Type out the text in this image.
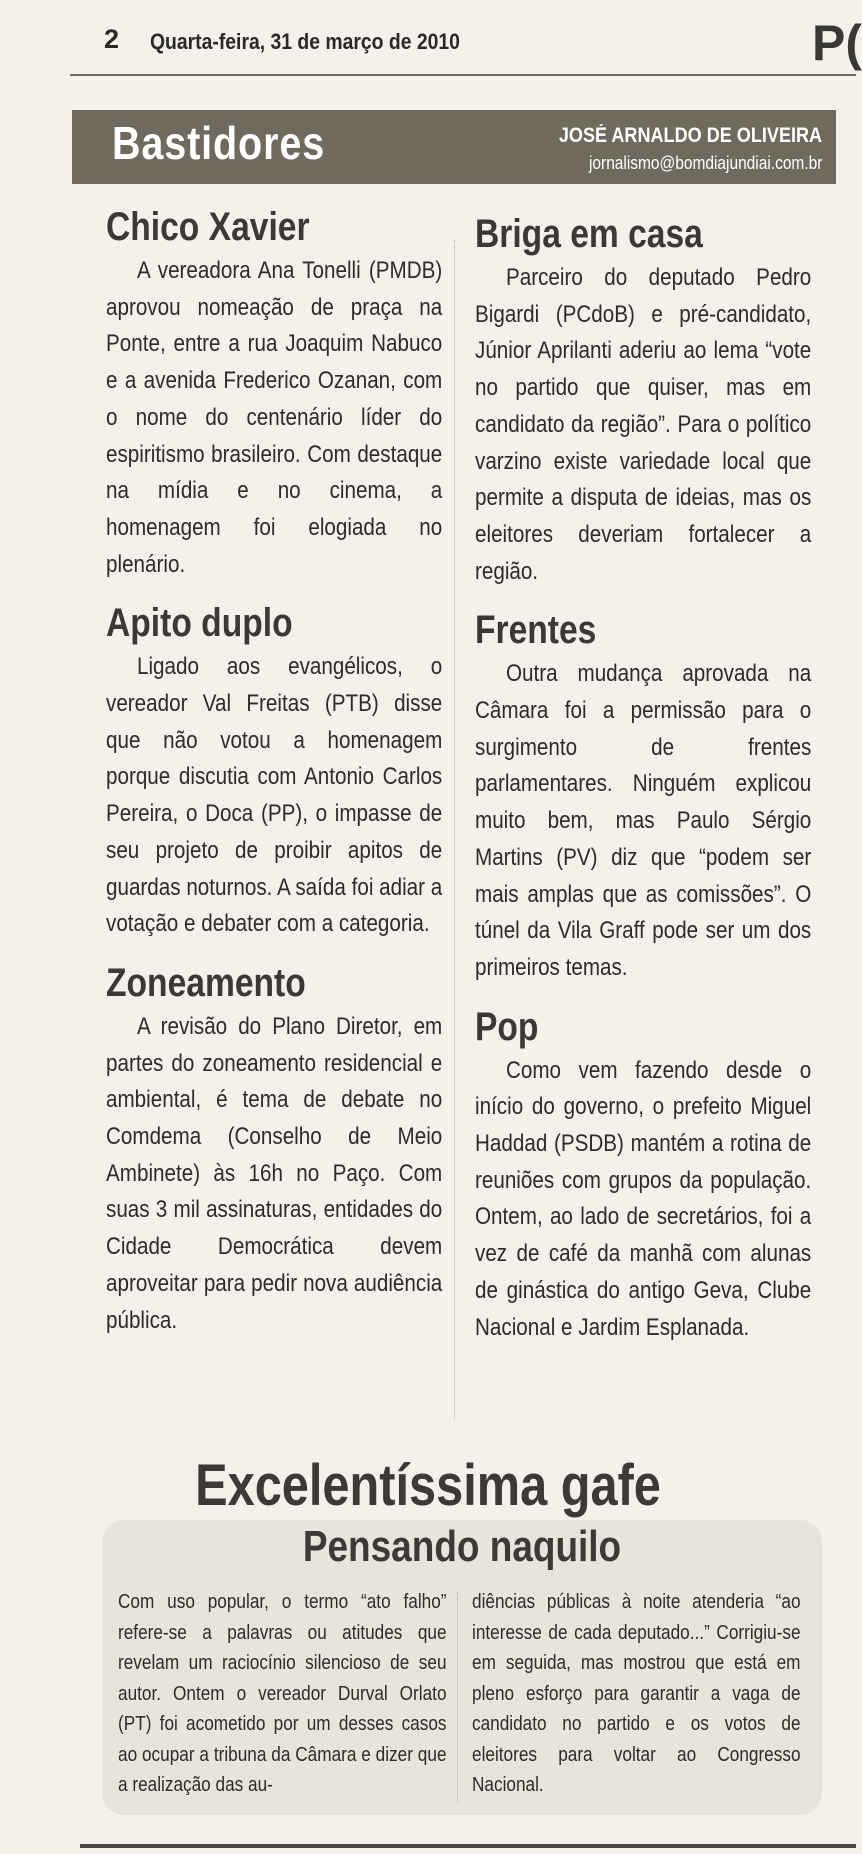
2 Quarta-feira, 31 de março de 2010	P(
Bastidores	JOSÉ ARNALDO DE OLIVEIRA
jornalismo@bomdiajundiai.com.br
Chico Xavier

A vereadora Ana Tonelli (PMDB) aprovou nomeação de praça na Ponte, entre a rua Joaquim Nabuco e a avenida Frederico Ozanan, com o nome do centenário líder do espiritismo brasileiro. Com destaque na mídia e no cinema, a homenagem foi elogiada no plenário.

Apito duplo

Ligado aos evangélicos, o vereador Val Freitas (PTB) disse que não votou a homenagem porque discutia com Antonio Carlos Pereira, o Doca (PP), o impasse de seu projeto de proibir apitos de guardas noturnos. A saída foi adiar a votação e debater com a categoria.

Zoneamento

A revisão do Plano Diretor, em partes do zoneamento residencial e ambiental, é tema de debate no Comdema (Conselho de Meio Ambinete) às 16h no Paço. Com suas 3 mil assinaturas, entidades do Cidade Democrática devem aproveitar para pedir nova audiência pública.

Briga em casa

Parceiro do deputado Pedro Bigardi (PCdoB) e pré-candidato, Júnior Aprilanti aderiu ao lema “vote no partido que quiser, mas em candidato da região”. Para o político varzino existe variedade local que permite a disputa de ideias, mas os eleitores deveriam fortalecer a região.

Frentes

Outra mudança aprovada na Câmara foi a permissão para o surgimento de frentes parlamentares. Ninguém explicou muito bem, mas Paulo Sérgio Martins (PV) diz que “podem ser mais amplas que as comissões”. O túnel da Vila Graff pode ser um dos primeiros temas.

Pop

Como vem fazendo desde o início do governo, o prefeito Miguel Haddad (PSDB) mantém a rotina de reuniões com grupos da população. Ontem, ao lado de secretários, foi a vez de café da manhã com alunas de ginástica do antigo Geva, Clube Nacional e Jardim Esplanada.

Excelentíssima gafe
Pensando naquilo

Com uso popular, o termo “ato falho” refere-se a palavras ou atitudes que revelam um raciocínio silencioso de seu autor. Ontem o vereador Durval Orlato (PT) foi acometido por um desses casos ao ocupar a tribuna da Câmara e dizer que a realização das au-

diências públicas à noite atenderia “ao interesse de cada deputado...” Corrigiu-se em seguida, mas mostrou que está em pleno esforço para garantir a vaga de candidato no partido e os votos de eleitores para voltar ao Congresso Nacional.
